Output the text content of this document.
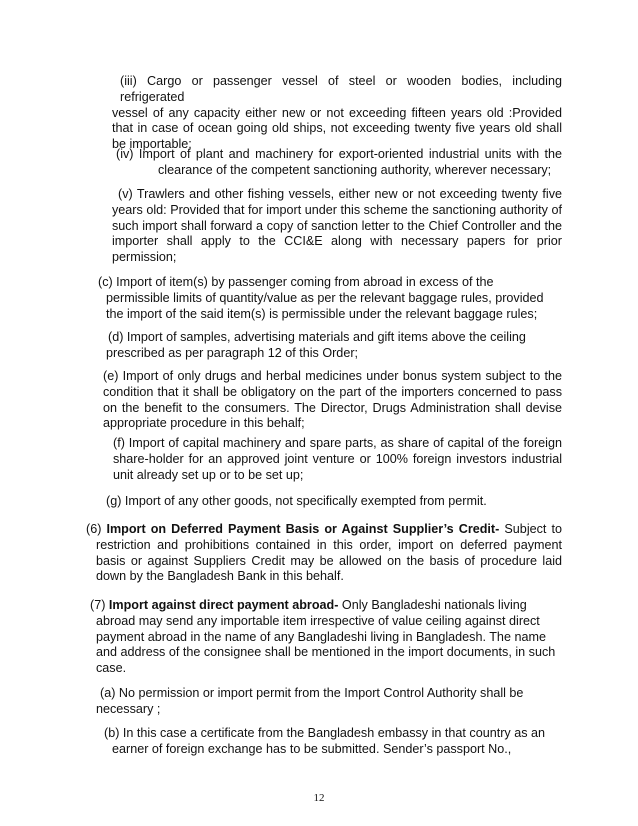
(iii) Cargo or passenger vessel of steel or wooden bodies, including refrigerated
vessel of any capacity either new or not exceeding fifteen years old :Provided
that in case of ocean going old ships, not exceeding twenty five years old shall
be importable;
(iv) Import of plant and machinery for export-oriented industrial units with the
clearance of the competent sanctioning authority, wherever necessary;
(v) Trawlers and other fishing vessels, either new or not exceeding twenty five
years old: Provided that for import under this scheme the sanctioning authority of
such import shall forward a copy of sanction letter to the Chief Controller and the
importer shall apply to the CCI&E along with necessary papers for prior
permission;
(c) Import of item(s) by passenger coming from abroad in excess of the
permissible limits of quantity/value as per the relevant baggage rules, provided
the import of the said item(s) is permissible under the relevant baggage rules;
(d) Import of samples, advertising materials and gift items above the ceiling
prescribed as per paragraph 12 of this Order;
(e) Import of only drugs and herbal medicines under bonus system subject to the
condition that it shall be obligatory on the part of the importers concerned to pass
on the benefit to the consumers. The Director, Drugs Administration shall devise
appropriate procedure in this behalf;
(f) Import of capital machinery and spare parts, as share of capital of the foreign
share-holder for an approved joint venture or 100% foreign investors industrial
unit already set up or to be set up;
(g) Import of any other goods, not specifically exempted from permit.
(6) Import on Deferred Payment Basis or Against Supplier’s Credit- Subject to
restriction and prohibitions contained in this order, import on deferred payment
basis or against Suppliers Credit may be allowed on the basis of procedure laid
down by the Bangladesh Bank in this behalf.
(7) Import against direct payment abroad- Only Bangladeshi nationals living
abroad may send any importable item irrespective of value ceiling against direct
payment abroad in the name of any Bangladeshi living in Bangladesh. The name
and address of the consignee shall be mentioned in the import documents, in such
case.
(a) No permission or import permit from the Import Control Authority shall be
necessary ;
(b) In this case a certificate from the Bangladesh embassy in that country as an
earner of foreign exchange has to be submitted. Sender’s passport No.,
12
